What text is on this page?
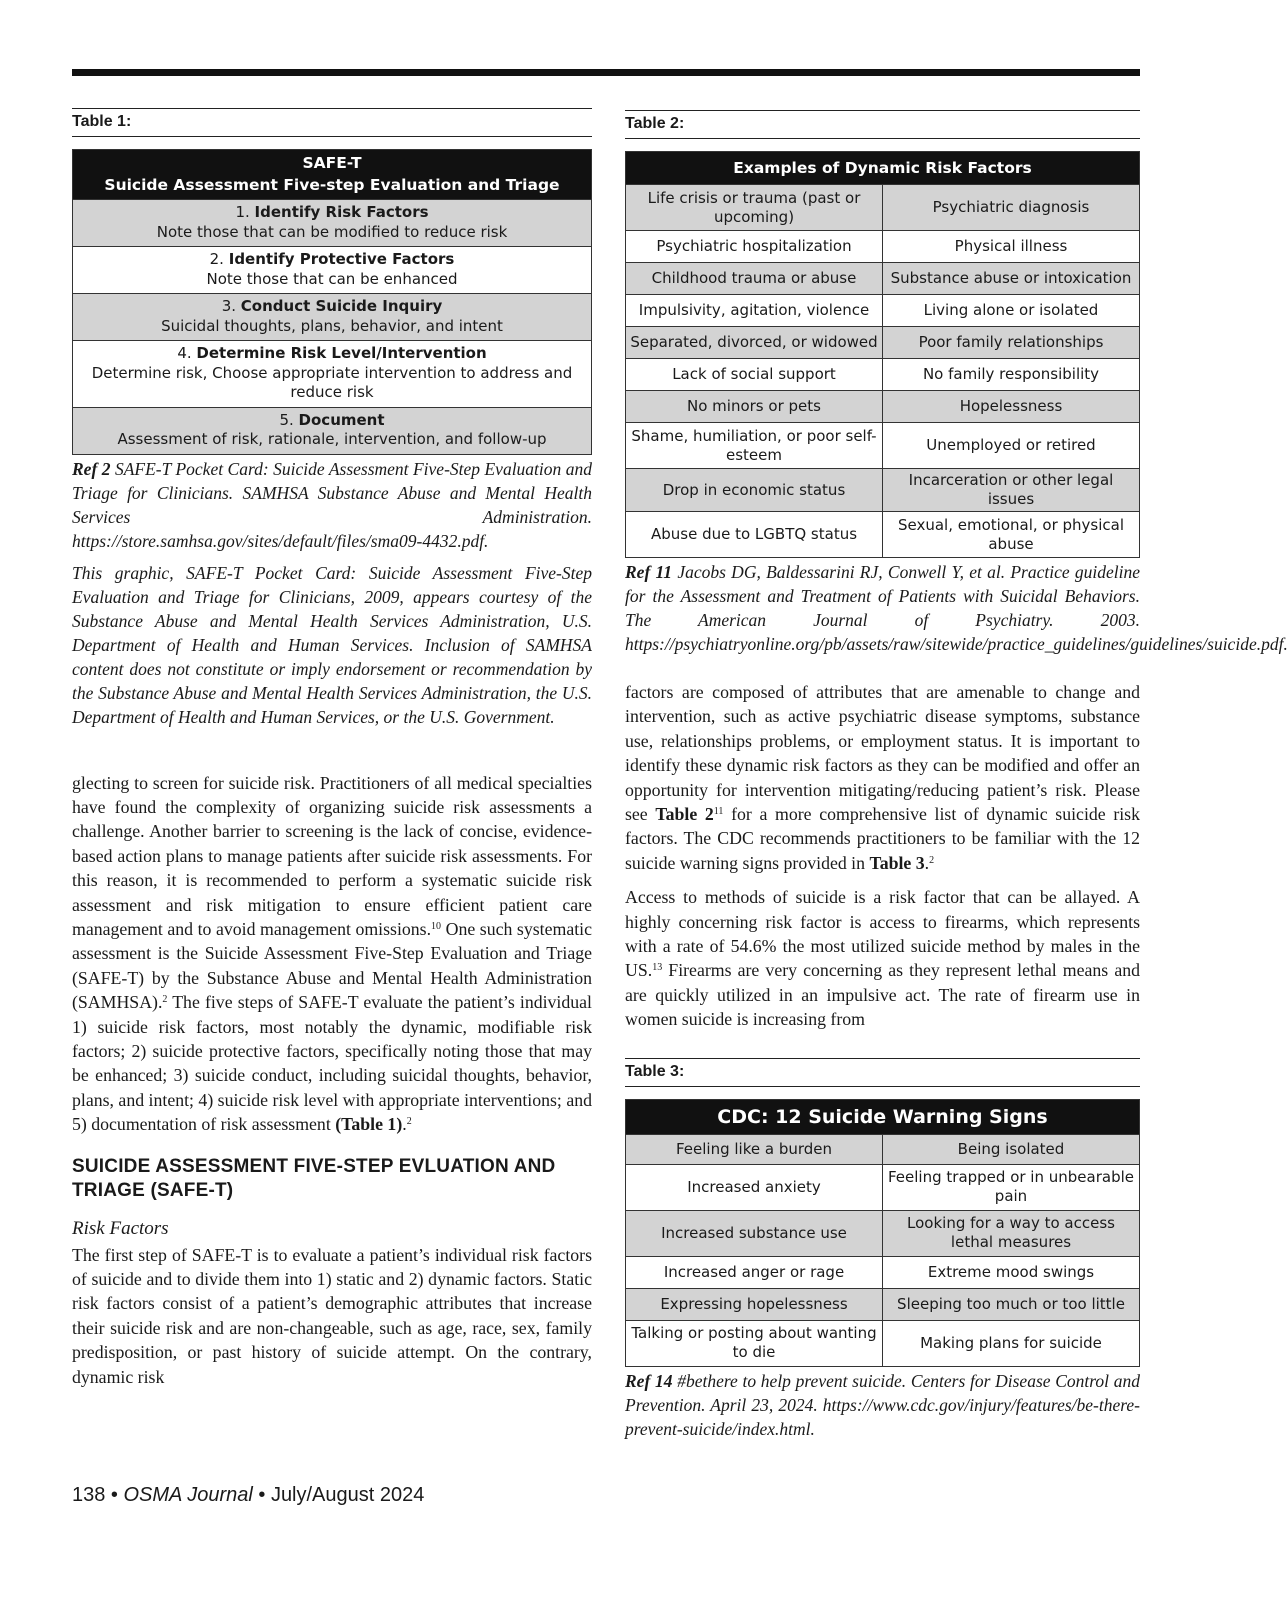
Table 1:
SAFE-T
Suicide Assessment Five-step Evaluation and Triage

1. Identify Risk Factors
Note those that can be modified to reduce risk

2. Identify Protective Factors
Note those that can be enhanced

3. Conduct Suicide Inquiry
Suicidal thoughts, plans, behavior, and intent

4. Determine Risk Level/Intervention
Determine risk, Choose appropriate intervention to address and reduce risk

5. Document
Assessment of risk, rationale, intervention, and follow-up

Ref 2 SAFE-T Pocket Card: Suicide Assessment Five-Step Evaluation and Triage for Clinicians. SAMHSA Substance Abuse and Mental Health Services Administration. https://store.samhsa.gov/sites/default/files/sma09-4432.pdf.

This graphic, SAFE-T Pocket Card: Suicide Assessment Five-Step Evaluation and Triage for Clinicians, 2009, appears courtesy of the Substance Abuse and Mental Health Services Administration, U.S. Department of Health and Human Services. Inclusion of SAMHSA content does not constitute or imply endorsement or recommendation by the Substance Abuse and Mental Health Services Administration, the U.S. Department of Health and Human Services, or the U.S. Government.

glecting to screen for suicide risk. Practitioners of all medical specialties have found the complexity of organizing suicide risk assessments a challenge. Another barrier to screening is the lack of concise, evidence-based action plans to manage patients after suicide risk assessments. For this reason, it is recommended to perform a systematic suicide risk assessment and risk mitigation to ensure efficient patient care management and to avoid management omissions.$^{10}$ One such systematic assessment is the Suicide Assessment Five-Step Evaluation and Triage (SAFE-T) by the Substance Abuse and Mental Health Administration (SAMHSA).$^2$ The five steps of SAFE-T evaluate the patient’s individual 1) suicide risk factors, most notably the dynamic, modifiable risk factors; 2) suicide protective factors, specifically noting those that may be enhanced; 3) suicide conduct, including suicidal thoughts, behavior, plans, and intent; 4) suicide risk level with appropriate interventions; and 5) documentation of risk assessment (Table 1).$^2$

SUICIDE ASSESSMENT FIVE-STEP EVLUATION AND TRIAGE (SAFE-T)
Risk Factors

The first step of SAFE-T is to evaluate a patient’s individual risk factors of suicide and to divide them into 1) static and 2) dynamic factors. Static risk factors consist of a patient’s demographic attributes that increase their suicide risk and are non-changeable, such as age, race, sex, family predisposition, or past history of suicide attempt. On the contrary, dynamic risk

Table 2:
Examples of Dynamic Risk Factors	
Life crisis or trauma (past or upcoming)	Psychiatric diagnosis
Psychiatric hospitalization	Physical illness
Childhood trauma or abuse	Substance abuse or intoxication
Impulsivity, agitation, violence	Living alone or isolated
Separated, divorced, or widowed	Poor family relationships
Lack of social support	No family responsibility
No minors or pets	Hopelessness
Shame, humiliation, or poor self-esteem	Unemployed or retired
Drop in economic status	Incarceration or other legal issues
Abuse due to LGBTQ status	Sexual, emotional, or physical abuse

Ref 11 Jacobs DG, Baldessarini RJ, Conwell Y, et al. Practice guideline for the Assessment and Treatment of Patients with Suicidal Behaviors. The American Journal of Psychiatry. 2003. https://psychiatryonline.org/pb/assets/raw/sitewide/practice_guidelines/guidelines/suicide.pdf.

factors are composed of attributes that are amenable to change and intervention, such as active psychiatric disease symptoms, substance use, relationships problems, or employment status. It is important to identify these dynamic risk factors as they can be modified and offer an opportunity for intervention mitigating/reducing patient’s risk. Please see Table $2^{11}$ for a more comprehensive list of dynamic suicide risk factors. The CDC recommends practitioners to be familiar with the 12 suicide warning signs provided in Table 3.$^2$

Access to methods of suicide is a risk factor that can be allayed. A highly concerning risk factor is access to firearms, which represents with a rate of 54.6% the most utilized suicide method by males in the US.$^{13}$ Firearms are very concerning as they represent lethal means and are quickly utilized in an impulsive act. The rate of firearm use in women suicide is increasing from

Table 3:
CDC: 12 Suicide Warning Signs	
Feeling like a burden	Being isolated
Increased anxiety	Feeling trapped or in unbearable pain
Increased substance use	Looking for a way to access lethal measures
Increased anger or rage	Extreme mood swings
Expressing hopelessness	Sleeping too much or too little
Talking or posting about wanting to die	Making plans for suicide

Ref 14 #bethere to help prevent suicide. Centers for Disease Control and Prevention. April 23, 2024. https://www.cdc.gov/injury/features/be-there-prevent-suicide/index.html.

138 • OSMA Journal • July/August 2024
